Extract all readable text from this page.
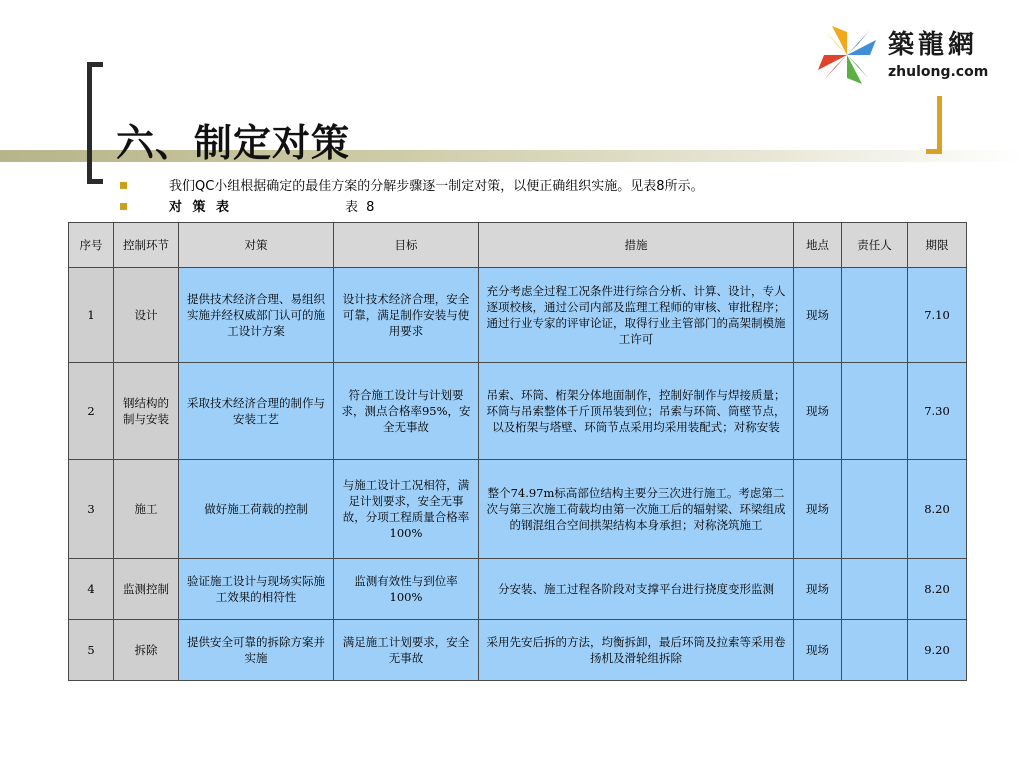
六、制定对策
築龍網
zhulong.com
我们QC小组根据确定的最佳方案的分解步骤逐一制定对策，以便正确组织实施。见表8所示。
对 策 表	表 8
序号	控制环节	对策	目标	措施	地点	责任人	期限
1	设计	提供技术经济合理、易组织实施并经权威部门认可的施工设计方案	设计技术经济合理，安全可靠，满足制作安装与使用要求	充分考虑全过程工况条件进行综合分析、计算、设计，专人逐项校核，通过公司内部及监理工程师的审核、审批程序；通过行业专家的评审论证，取得行业主管部门的高架制模施工许可	现场		7.10
2	钢结构的制与安装	采取技术经济合理的制作与安装工艺	符合施工设计与计划要求，测点合格率95%，安全无事故	吊索、环筒、桁架分体地面制作，控制好制作与焊接质量；环筒与吊索整体千斤顶吊装到位；吊索与环筒、筒壁节点，以及桁架与塔壁、环筒节点采用均采用装配式；对称安装	现场		7.30
3	施工	做好施工荷载的控制	与施工设计工况相符，满足计划要求，安全无事故，分项工程质量合格率100%	整个74.97m标高部位结构主要分三次进行施工。考虑第二次与第三次施工荷载均由第一次施工后的辐射梁、环梁组成的钢混组合空间拱架结构本身承担；对称浇筑施工	现场		8.20
4	监测控制	验证施工设计与现场实际施工效果的相符性	监测有效性与到位率100%	分安装、施工过程各阶段对支撑平台进行挠度变形监测	现场		8.20
5	拆除	提供安全可靠的拆除方案并实施	满足施工计划要求，安全无事故	采用先安后拆的方法，均衡拆卸，最后环筒及拉索等采用卷扬机及滑轮组拆除	现场		9.20
